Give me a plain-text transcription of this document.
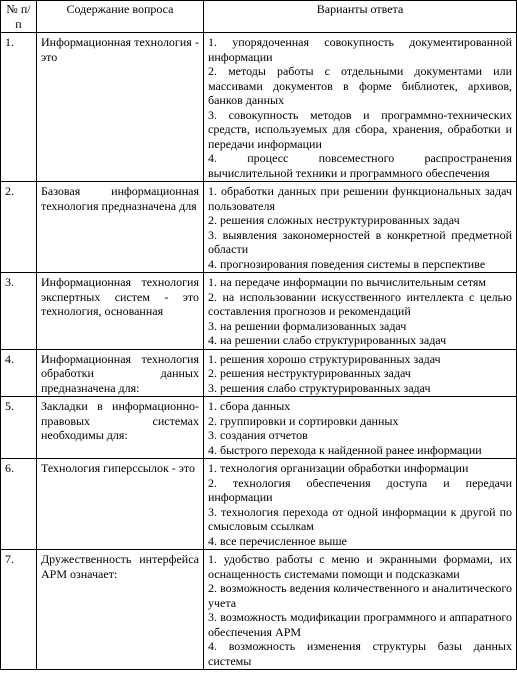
№ п/п	Содержание вопроса	Варианты ответа
1.	Информационная технология - это	1. упорядоченная совокупность документированной информации
2. методы работы с отдельными документами или массивами документов в форме библиотек, архивов, банков данных
3. совокупность методов и программно-технических средств, используемых для сбора, хранения, обработки и передачи информации
4. процесс повсеместного распространения вычислительной техники и программного обеспечения

2.	Базовая информационная технология предназначена для	1. обработки данных при решении функциональных задач пользователя
2. решения сложных неструктурированных задач
3. выявления закономерностей в конкретной предметной области
4. прогнозирования поведения системы в перспективе

3.	Информационная технология экспертных систем - это технология, основанная	1. на передаче информации по вычислительным сетям
2. на использовании искусственного интеллекта с целью составления прогнозов и рекомендаций
3. на решении формализованных задач
4. на решении слабо структурированных задач

4.	Информационная технология обработки данных предназначена для:	1. решения хорошо структурированных задач
2. решения неструктурированных задач
3. решения слабо структурированных задач

5.	Закладки в информационно-правовых системах необходимы для:	1. сбора данных
2. группировки и сортировки данных
3. создания отчетов
4. быстрого перехода к найденной ранее информации

6.	Технология гиперссылок - это	1. технология организации обработки информации
2. технология обеспечения доступа и передачи информации
3. технология перехода от одной информации к другой по смысловым ссылкам
4. все перечисленное выше

7.	Дружественность интерфейса АРМ означает:	1. удобство работы с меню и экранными формами, их оснащенность системами помощи и подсказками
2. возможность ведения количественного и аналитического учета
3. возможность модификации программного и аппаратного обеспечения АРМ
4. возможность изменения структуры базы данных системы
